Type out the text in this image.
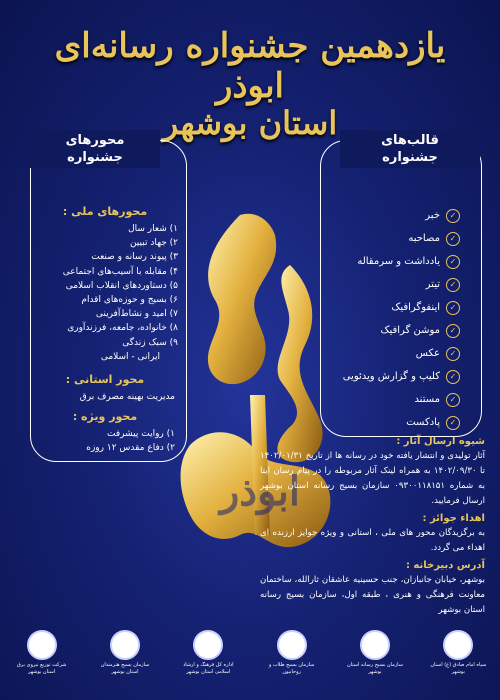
یازدهمین جشنواره رسانه‌ای ابوذر
استان بوشهر
محورهای
جشنواره
محورهای ملی :
۱) شعار سال
۲) جهاد تبیین
۳) پیوند رسانه و صنعت
۴) مقابله با آسیب‌های اجتماعی
۵) دستاوردهای انقلاب اسلامی
۶) بسیج و حوزه‌های اقدام
۷) امید و نشاط‌آفرینی
۸) خانواده، جامعه، فرزندآوری
۹) سبک زندگی
ایرانی - اسلامی
محور استانی :
مدیریت بهینه مصرف برق
محور ویژه :
۱) روایت پیشرفت
۲) دفاع مقدس ۱۲ روزه
قالب‌های
جشنواره
✓
خبر
✓
مصاحبه
✓
یادداشت و سرمقاله
✓
تیتر
✓
اینفوگرافیک
✓
موشن گرافیک
✓
عکس
✓
کلیپ و گزارش ویدئویی
✓
مستند
✓
پادکست
ابوذر
شیوه ارسال آثار :

آثار تولیدی و انتشار یافته خود در رسانه ها از تاریخ ۱۴۰۲/۰۱/۳۱ تا ۱۴۰۲/۰۹/۳۰ به همراه لینک آثار مربوطه را در پیام رسان ایتا به شماره ۰۹۳۰۰۱۱۸۱۵۱ سازمان بسیج رسانه استان بوشهر ارسال فرمایید.

اهداء جوائز :

به برگزیدگان محور های ملی ، استانی و ویژه جوایز ارزنده ای اهداء می گردد.

آدرس دبیرخانه :

بوشهر، خیابان جانبازان، جنب حسینیه عاشقان ثارالله، ساختمان معاونت فرهنگی و هنری ، طبقه اول، سازمان بسیج رسانه استان بوشهر

سپاه امام صادق (ع) استان بوشهر
سازمان بسیج رسانه استان بوشهر
سازمان بسیج طلاب و روحانیون
اداره کل فرهنگ و ارشاد اسلامی استان بوشهر
سازمان بسیج هنرمندان استان بوشهر
شرکت توزیع نیروی برق استان بوشهر
